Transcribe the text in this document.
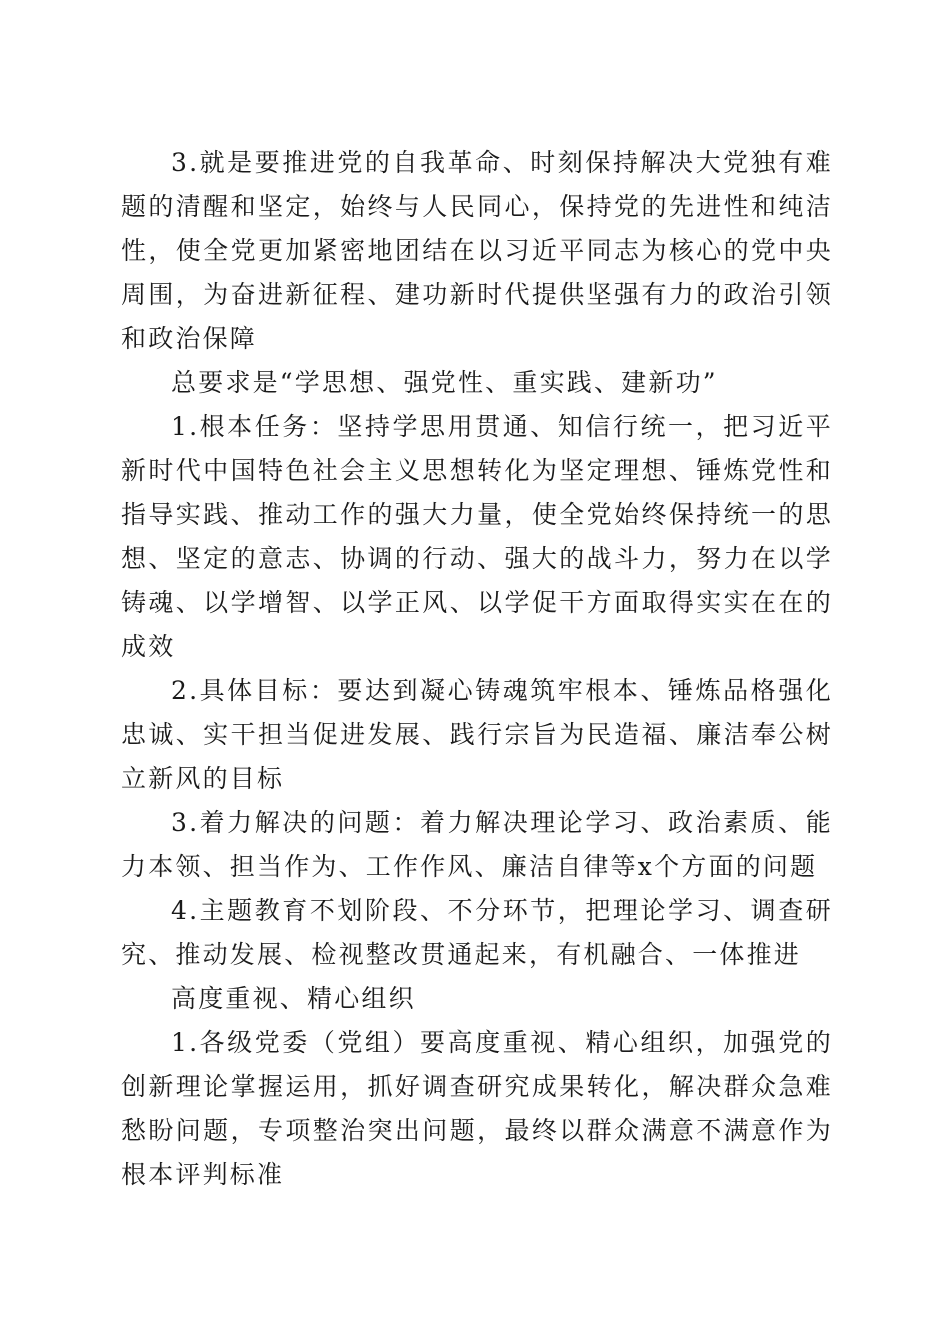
3.就是要推进党的自我革命、时刻保持解决大党独有难题的清醒和坚定，始终与人民同心，保持党的先进性和纯洁性，使全党更加紧密地团结在以习近平同志为核心的党中央周围，为奋进新征程、建功新时代提供坚强有力的政治引领和政治保障

总要求是“学思想、强党性、重实践、建新功”

1.根本任务：坚持学思用贯通、知信行统一，把习近平新时代中国特色社会主义思想转化为坚定理想、锤炼党性和指导实践、推动工作的强大力量，使全党始终保持统一的思想、坚定的意志、协调的行动、强大的战斗力，努力在以学铸魂、以学增智、以学正风、以学促干方面取得实实在在的成效

2.具体目标：要达到凝心铸魂筑牢根本、锤炼品格强化忠诚、实干担当促进发展、践行宗旨为民造福、廉洁奉公树立新风的目标

3.着力解决的问题：着力解决理论学习、政治素质、能力本领、担当作为、工作作风、廉洁自律等x个方面的问题

4.主题教育不划阶段、不分环节，把理论学习、调查研究、推动发展、检视整改贯通起来，有机融合、一体推进

高度重视、精心组织

1.各级党委（党组）要高度重视、精心组织，加强党的创新理论掌握运用，抓好调查研究成果转化，解决群众急难愁盼问题，专项整治突出问题，最终以群众满意不满意作为根本评判标准
